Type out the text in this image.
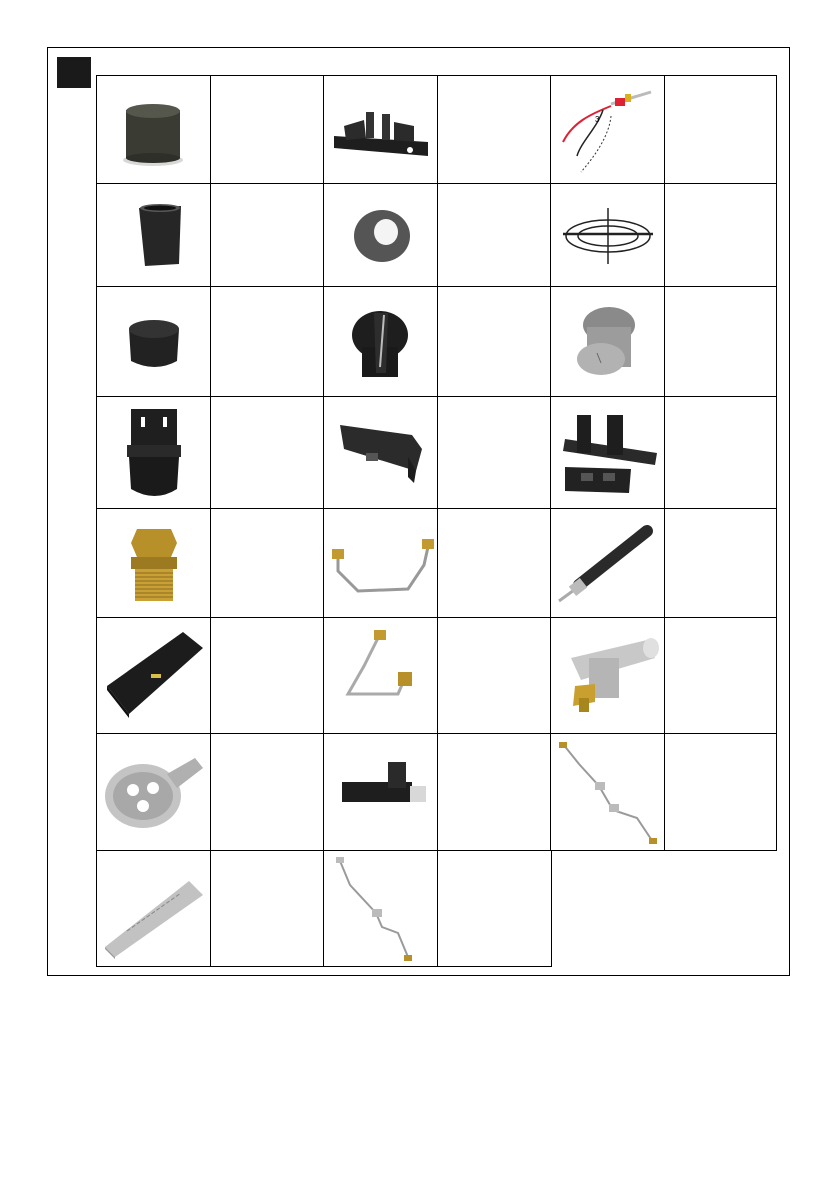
3
